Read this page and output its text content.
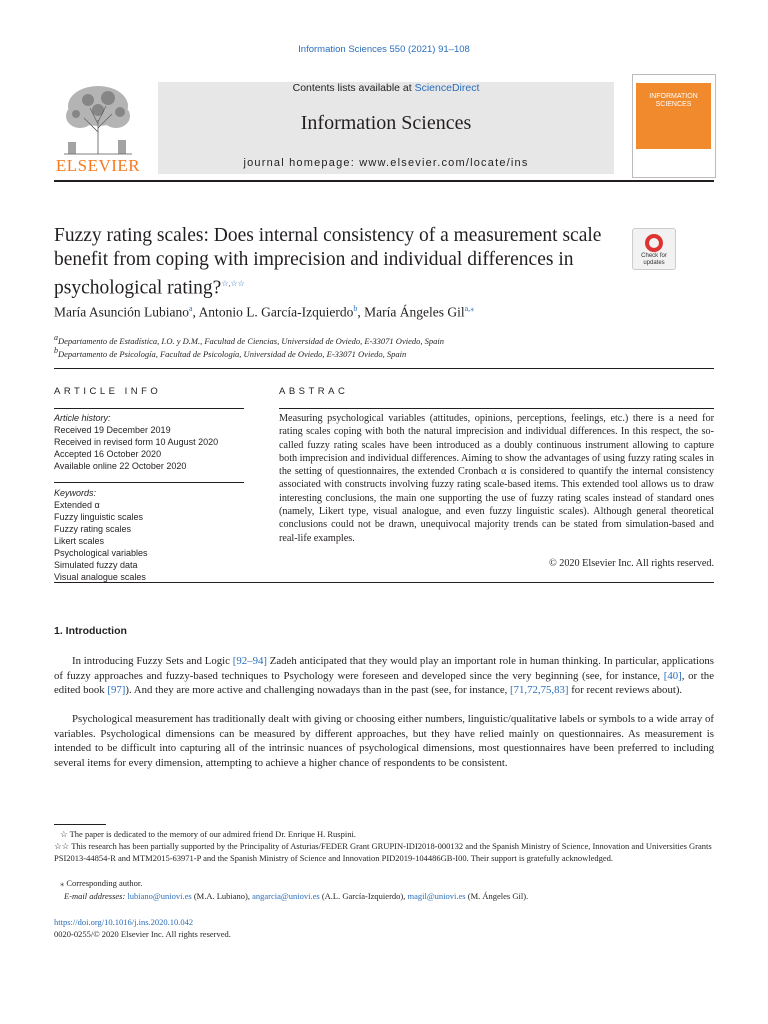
Information Sciences 550 (2021) 91–108
ELSEVIER
Contents lists available at ScienceDirect
Information Sciences
journal homepage: www.elsevier.com/locate/ins
INFORMATION SCIENCES
Fuzzy rating scales: Does internal consistency of a measurement scale benefit from coping with imprecision and individual differences in psychological rating?☆,☆☆
Check for updates
María Asunción Lubiano$^a$, Antonio L. García-Izquierdo$^b$, María Ángeles Gil$^{a,⁎}$
$^a$Departamento de Estadística, I.O. y D.M., Facultad de Ciencias, Universidad de Oviedo, E-33071 Oviedo, Spain
$^b$Departamento de Psicología, Facultad de Psicología, Universidad de Oviedo, E-33071 Oviedo, Spain
ARTICLE INFO
Article history:
Received 19 December 2019
Received in revised form 10 August 2020
Accepted 16 October 2020
Available online 22 October 2020
Keywords:
Extended α
Fuzzy linguistic scales
Fuzzy rating scales
Likert scales
Psychological variables
Simulated fuzzy data
Visual analogue scales
ABSTRAC
Measuring psychological variables (attitudes, opinions, perceptions, feelings, etc.) there is a need for rating scales coping with both the natural imprecision and individual differences. In this respect, the so-called fuzzy rating scales have been introduced as a doubly continuous instrument allowing to capture both imprecision and individual differences. Aiming to show the advantages of using fuzzy rating scales in the setting of questionnaires, the extended Cronbach α is considered to quantify the internal consistency associated with constructs involving fuzzy rating scale-based items. This extended tool allows us to draw interesting conclusions, the main one supporting the use of fuzzy rating scales instead of standard ones (namely, Likert type, visual analogue, and even fuzzy linguistic scales). Although general theoretical conclusions could not be drawn, unequivocal majority trends can be stated from simulation-based and real-life examples.
© 2020 Elsevier Inc. All rights reserved.
1. Introduction
In introducing Fuzzy Sets and Logic [92–94] Zadeh anticipated that they would play an important role in human thinking. In particular, applications of fuzzy approaches and fuzzy-based techniques to Psychology were foreseen and developed since the very beginning (see, for instance, [40], or the edited book [97]). And they are more active and challenging nowadays than in the past (see, for instance, [71,72,75,83] for recent reviews about).
Psychological measurement has traditionally dealt with giving or choosing either numbers, linguistic/qualitative labels or symbols to a wide array of variables. Psychological dimensions can be measured by different approaches, but they have relied mainly on questionnaires. As measurement is intended to be difficult into capturing all of the intrinsic nuances of psychological dimensions, most questionnaires have been preferred to including several items for every dimension, attempting to achieve a higher chance of respondents to be consistent.
☆ The paper is dedicated to the memory of our admired friend Dr. Enrique H. Ruspini.
☆☆ This research has been partially supported by the Principality of Asturias/FEDER Grant GRUPIN-IDI2018-000132 and the Spanish Ministry of Science, Innovation and Universities Grants PSI2013-44854-R and MTM2015-63971-P and the Spanish Ministry of Science and Innovation PID2019-104486GB-I00. Their support is gratefully acknowledged.
⁎ Corresponding author.
E-mail addresses: lubiano@uniovi.es (M.A. Lubiano), angarcia@uniovi.es (A.L. García-Izquierdo), magil@uniovi.es (M. Ángeles Gil).
https://doi.org/10.1016/j.ins.2020.10.042
0020-0255/© 2020 Elsevier Inc. All rights reserved.
